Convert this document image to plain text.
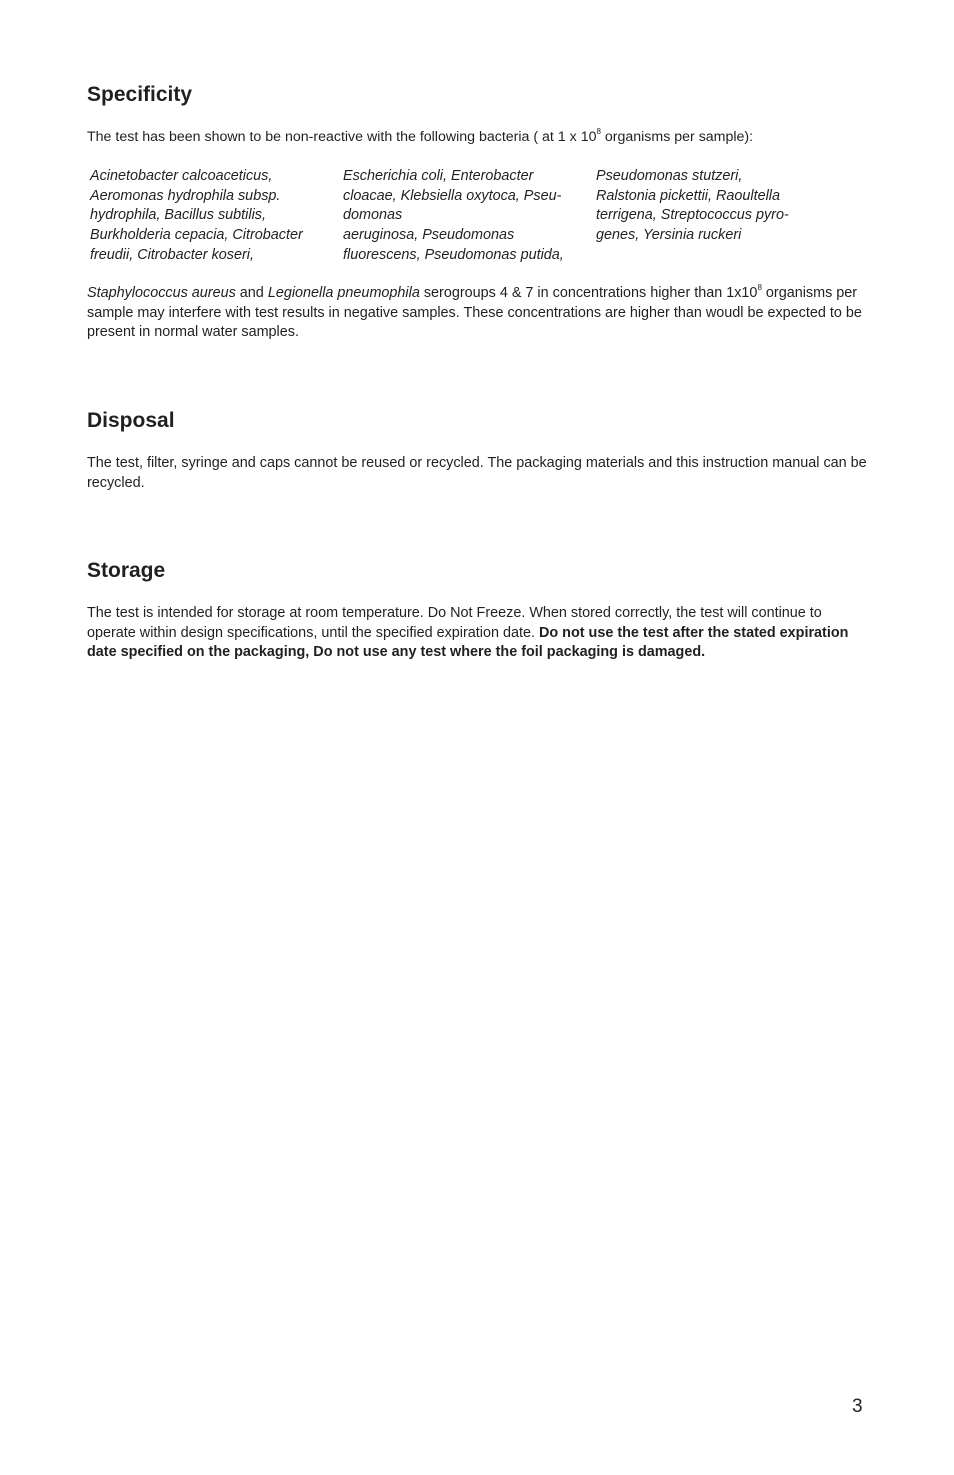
Specificity

The test has been shown to be non-reactive with the following bacteria ( at 1 x $10^8$ organisms per sample):

Acinetobacter calcoaceticus,
Aeromonas hydrophila subsp.
hydrophila, Bacillus subtilis,
Burkholderia cepacia, Citrobacter
freudii, Citrobacter koseri,
Escherichia coli, Enterobacter
cloacae, Klebsiella oxytoca, Pseu-
domonas
aeruginosa, Pseudomonas
fluorescens, Pseudomonas putida,
Pseudomonas stutzeri,
Ralstonia pickettii, Raoultella
terrigena, Streptococcus pyro-
genes, Yersinia ruckeri

Staphylococcus aureus and Legionella pneumophila serogroups 4 & 7 in concentrations higher than $1x10^8$ organisms per sample may interfere with test results in negative samples. These concentrations are higher than woudl be expected to be present in normal water samples.

Disposal

The test, filter, syringe and caps cannot be reused or recycled. The packaging materials and this instruction manual can be recycled.

Storage

The test is intended for storage at room temperature. Do Not Freeze. When stored correctly, the test will continue to operate within design specifications, until the specified expiration date. Do not use the test after the stated expiration date specified on the packaging, Do not use any test where the foil packaging is damaged.

3
